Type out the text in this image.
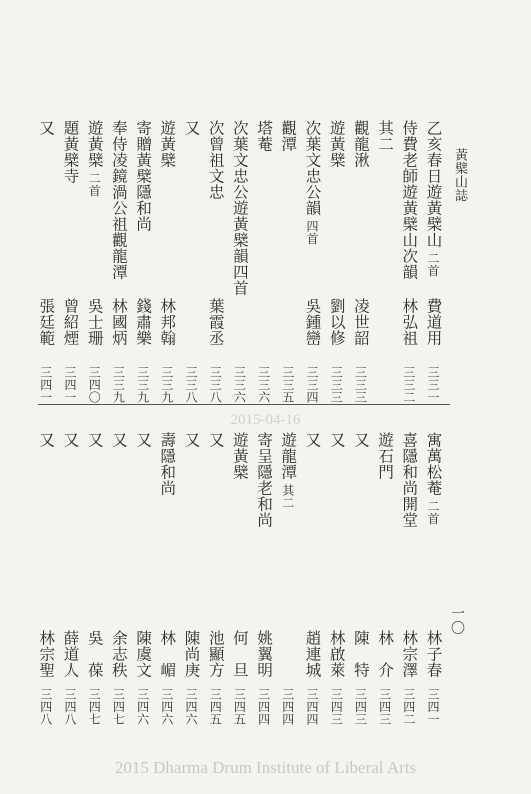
黃檗山誌
2015-04-16
一〇
2015 Dharma Drum Institute of Liberal Arts
乙亥春日遊黃檗山
二首
費道用
三三一
侍費老師遊黃檗山次韻
林弘祖
三三二
其二
觀龍湫
凌世韶
三三三
遊黃檗
劉以修
三三三
次葉文忠公韻
四首
吳鍾巒
三三四
觀潭
三三五
塔菴
三三六
次葉文忠公遊黃檗韻四首
三三六
次曾祖文忠
葉霞丞
三三八
又
三三八
遊黃檗
林邦翰
三三九
寄贈黃檗隱和尚
錢肅樂
三三九
奉侍凌鏡渦公祖觀龍潭
林國炳
三三九
遊黃檗
二首
吳士珊
三四〇
題黃檗寺
曾紹煙
三四一
又
張廷範
三四一
寓萬松菴
二首
林子春
三四一
喜隱和尚開堂
林宗澤
三四二
遊石門
林　介
三四三
又
陳　特
三四三
又
林啟萊
三四三
又
趙連城
三四四
遊龍潭
其二
三四四
寄呈隱老和尚
姚翼明
三四四
遊黃檗
何　旦
三四五
又
池顯方
三四五
又
陳尚庚
三四六
壽隱和尚
林　嵋
三四六
又
陳虞文
三四六
又
余志秩
三四七
又
吳　葆
三四七
又
薛道人
三四八
又
林宗聖
三四八
